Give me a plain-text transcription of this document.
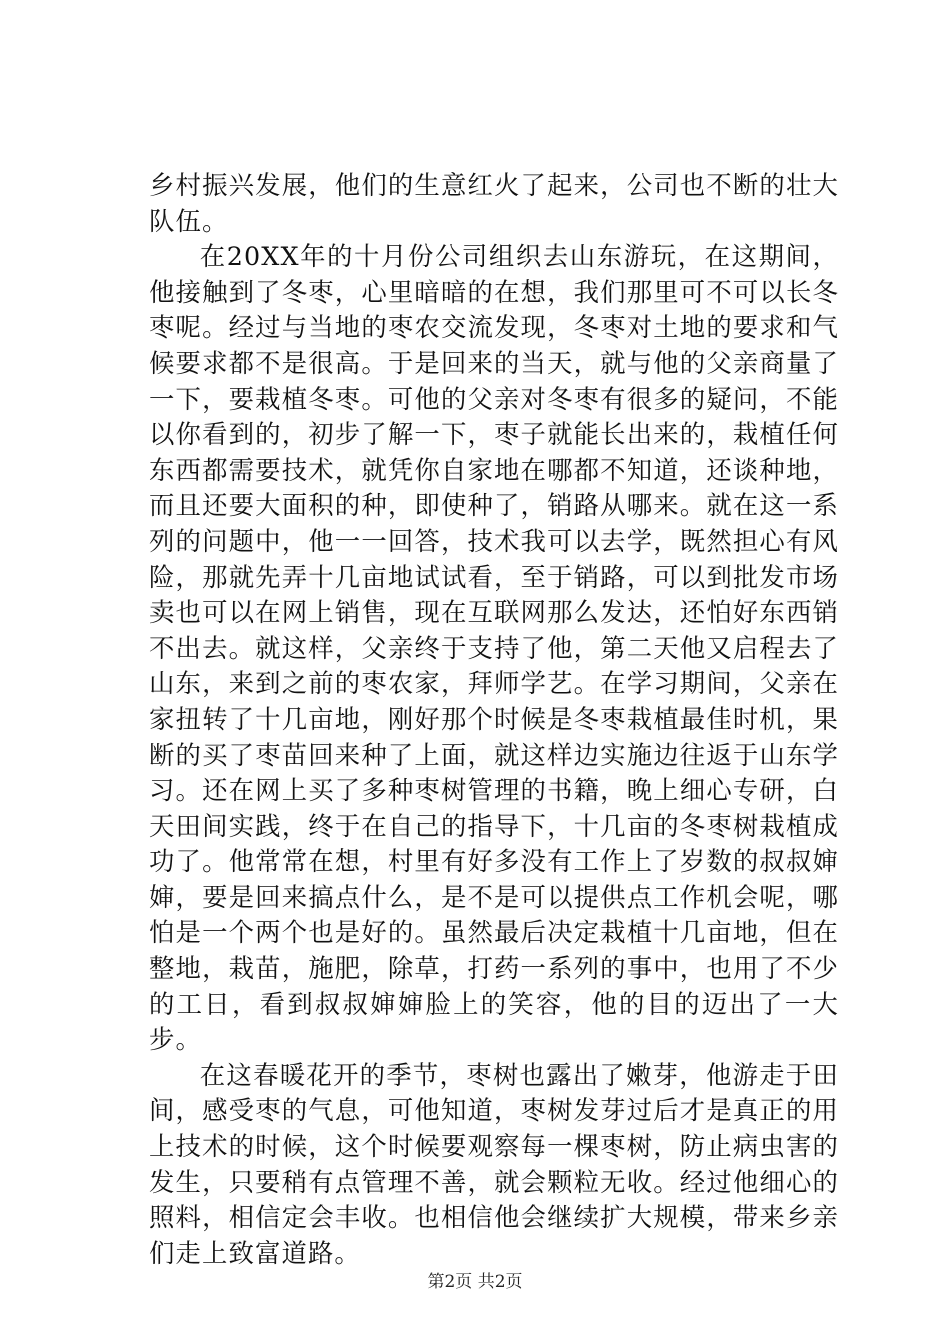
乡村振兴发展，他们的生意红火了起来，公司也不断的壮大队伍。

在20XX年的十月份公司组织去山东游玩，在这期间，他接触到了冬枣，心里暗暗的在想，我们那里可不可以长冬枣呢。经过与当地的枣农交流发现，冬枣对土地的要求和气候要求都不是很高。于是回来的当天，就与他的父亲商量了一下，要栽植冬枣。可他的父亲对冬枣有很多的疑问，不能以你看到的，初步了解一下，枣子就能长出来的，栽植任何东西都需要技术，就凭你自家地在哪都不知道，还谈种地，而且还要大面积的种，即使种了，销路从哪来。就在这一系列的问题中，他一一回答，技术我可以去学，既然担心有风险，那就先弄十几亩地试试看，至于销路，可以到批发市场卖也可以在网上销售，现在互联网那么发达，还怕好东西销不出去。就这样，父亲终于支持了他，第二天他又启程去了山东，来到之前的枣农家，拜师学艺。在学习期间，父亲在家扭转了十几亩地，刚好那个时候是冬枣栽植最佳时机，果断的买了枣苗回来种了上面，就这样边实施边往返于山东学习。还在网上买了多种枣树管理的书籍，晚上细心专研，白天田间实践，终于在自己的指导下，十几亩的冬枣树栽植成功了。他常常在想，村里有好多没有工作上了岁数的叔叔婶婶，要是回来搞点什么，是不是可以提供点工作机会呢，哪怕是一个两个也是好的。虽然最后决定栽植十几亩地，但在整地，栽苗，施肥，除草，打药一系列的事中，也用了不少的工日，看到叔叔婶婶脸上的笑容，他的目的迈出了一大步。

在这春暖花开的季节，枣树也露出了嫩芽，他游走于田间，感受枣的气息，可他知道，枣树发芽过后才是真正的用上技术的时候，这个时候要观察每一棵枣树，防止病虫害的发生，只要稍有点管理不善，就会颗粒无收。经过他细心的照料，相信定会丰收。也相信他会继续扩大规模，带来乡亲们走上致富道路。

第2页 共2页
